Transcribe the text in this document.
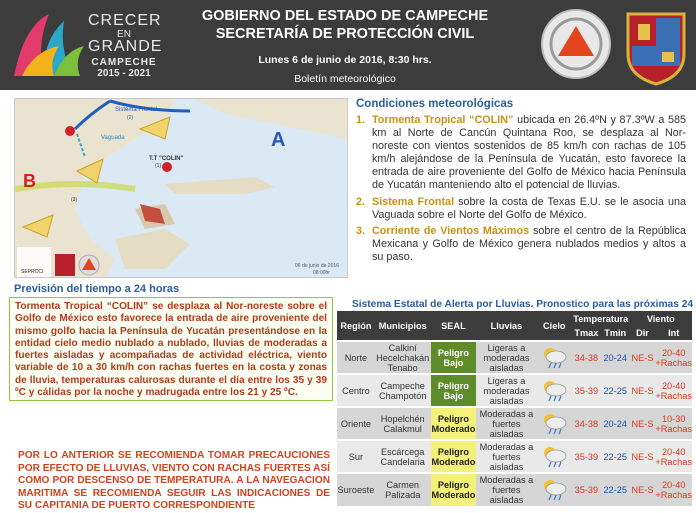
CRECER
EN
GRANDE
CAMPECHE
2015 - 2021
GOBIERNO DEL ESTADO DE CAMPECHE
SECRETARÍA DE PROTECCIÓN CIVIL
Lunes 6 de junio de 2016, 8:30 hrs.
Boletín meteorológico
A
B
Sistema Frontal
(2)
Vaguada
T.T "COLIN"
(1)
(3)
06 de junio de 2016
08:00hr
SEPROCI
Condiciones meteorológicas
1. Tormenta Tropical “COLIN” ubicada en 26.4ºN y 87.3ºW a 585 km al Norte de Cancún Quintana Roo, se desplaza al Nor-noreste con vientos sostenidos de 85 km/h con rachas de 105 km/h alejándose de la Península de Yucatán, esto favorece la entrada de aire proveniente del Golfo de México hacia Península de Yucatán manteniendo alto el potencial de lluvias.
2. Sistema Frontal sobre la costa de Texas E.U. se le asocia una Vaguada sobre el Norte del Golfo de México.
3. Corriente de Vientos Máximos sobre el centro de la República Mexicana y Golfo de México genera nublados medios y altos a su paso.
Previsión del tiempo a 24 horas
Tormenta Tropical “COLIN” se desplaza al Nor-noreste sobre el Golfo de México esto favorece la entrada de aire proveniente del mismo golfo hacia la Península de Yucatán presentándose en la entidad cielo medio nublado a nublado, lluvias de moderadas a fuertes aisladas y acompañadas de actividad eléctrica, viento variable de 10 a 30 km/h con rachas fuertes en la costa y zonas de lluvia, temperaturas calurosas durante el día entre los 35 y 39 ºC y cálidas por la noche y madrugada entre los 21 y 25 ºC.
POR LO ANTERIOR SE RECOMIENDA TOMAR PRECAUCIONES POR EFECTO DE LLUVIAS, VIENTO CON RACHAS FUERTES ASÍ COMO POR DESCENSO DE TEMPERATURA. A LA NAVEGACION MARITIMA SE RECOMIENDA SEGUIR LAS INDICACIONES DE SU CAPITANIA DE PUERTO CORRESPONDIENTE
Sistema Estatal de Alerta por Lluvias. Pronostico para las próximas 24
Región	Municipios	SEAL	Lluvias	Cielo	Temperatura		Viento	
					Tmax	Tmin	Dir	Int
Norte	Calkiní
Hecelchakán
Tenabo	Peligro
Bajo	Ligeras a
moderadas
aisladas		34-38	20-24	NE-S	20-40
+Rachas
Centro	Campeche
Champotón	Peligro
Bajo	Ligeras a
moderadas
aisladas		35-39	22-25	NE-S	20-40
+Rachas
Oriente	Hopelchén
Calakmul	Peligro
Moderado	Moderadas a
fuertes aisladas		34-38	20-24	NE-S	10-30
+Rachas
Sur	Escárcega
Candelaria	Peligro
Moderado	Moderadas a
fuertes aisladas		35-39	22-25	NE-S	20-40
+Rachas
Suroeste	Carmen
Palizada	Peligro
Moderado	Moderadas a
fuertes aisladas		35-39	22-25	NE-S	20-40
+Rachas
